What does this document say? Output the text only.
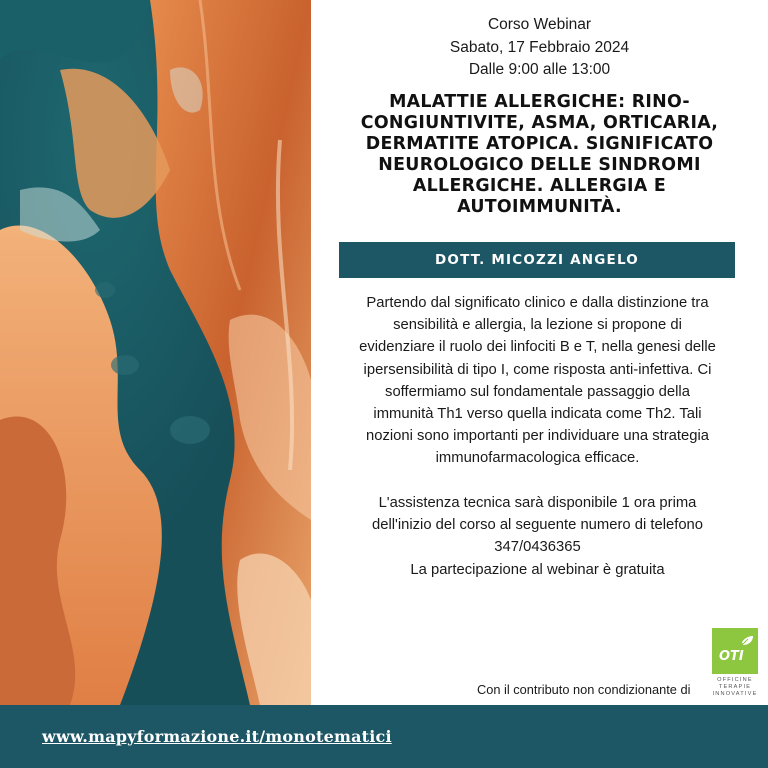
Corso Webinar
Sabato, 17 Febbraio 2024
Dalle 9:00 alle 13:00
MALATTIE ALLERGICHE: RINO-
CONGIUNTIVITE, ASMA, ORTICARIA,
DERMATITE ATOPICA. SIGNIFICATO
NEUROLOGICO DELLE SINDROMI
ALLERGICHE. ALLERGIA E
AUTOIMMUNITÀ.
DOTT. MICOZZI ANGELO
Partendo dal significato clinico e dalla distinzione tra
sensibilità e allergia, la lezione si propone di
evidenziare il ruolo dei linfociti B e T, nella genesi delle
ipersensibilità di tipo I, come risposta anti-infettiva. Ci
soffermiamo sul fondamentale passaggio della
immunità Th1 verso quella indicata come Th2. Tali
nozioni sono importanti per individuare una strategia
immunofarmacologica efficace.
L'assistenza tecnica sarà disponibile 1 ora prima
dell'inizio del corso al seguente numero di telefono
347/0436365
La partecipazione al webinar è gratuita
Con il contributo non condizionante di
OTI
OFFICINE
TERAPIE
INNOVATIVE
www.mapyformazione.it/monotematici
